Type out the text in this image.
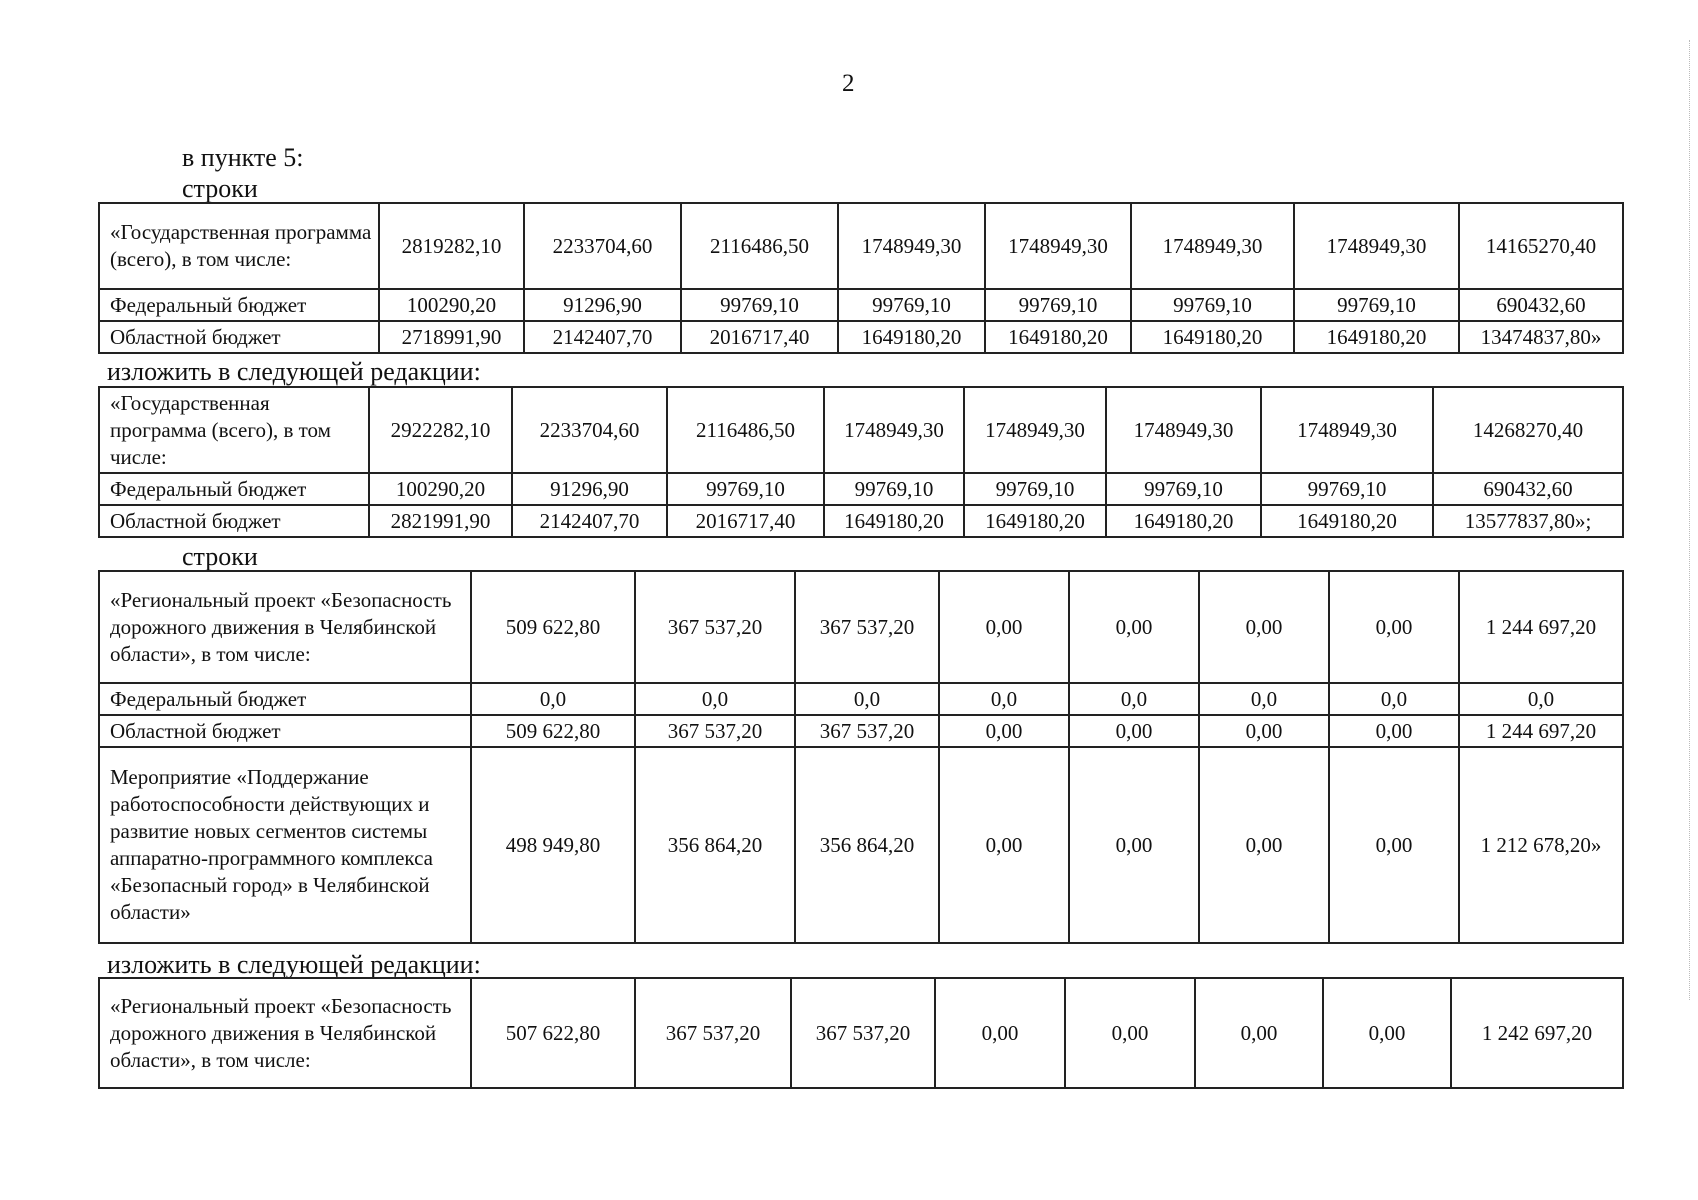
2
в пункте 5:
строки
«Государственная программа (всего), в том числе:	2819282,10	2233704,60	2116486,50	1748949,30	1748949,30	1748949,30	1748949,30	14165270,40
Федеральный бюджет	100290,20	91296,90	99769,10	99769,10	99769,10	99769,10	99769,10	690432,60
Областной бюджет	2718991,90	2142407,70	2016717,40	1649180,20	1649180,20	1649180,20	1649180,20	13474837,80»
изложить в следующей редакции:
«Государственная программа (всего), в том числе:	2922282,10	2233704,60	2116486,50	1748949,30	1748949,30	1748949,30	1748949,30	14268270,40
Федеральный бюджет	100290,20	91296,90	99769,10	99769,10	99769,10	99769,10	99769,10	690432,60
Областной бюджет	2821991,90	2142407,70	2016717,40	1649180,20	1649180,20	1649180,20	1649180,20	13577837,80»;
строки
«Региональный проект «Безопасность дорожного движения в Челябинской области», в том числе:	509 622,80	367 537,20	367 537,20	0,00	0,00	0,00	0,00	1 244 697,20
Федеральный бюджет	0,0	0,0	0,0	0,0	0,0	0,0	0,0	0,0
Областной бюджет	509 622,80	367 537,20	367 537,20	0,00	0,00	0,00	0,00	1 244 697,20
Мероприятие «Поддержание работоспособности действующих и развитие новых сегментов системы аппаратно-программного комплекса «Безопасный город» в Челябинской области»	498 949,80	356 864,20	356 864,20	0,00	0,00	0,00	0,00	1 212 678,20»
изложить в следующей редакции:
«Региональный проект «Безопасность дорожного движения в Челябинской области», в том числе:	507 622,80	367 537,20	367 537,20	0,00	0,00	0,00	0,00	1 242 697,20
